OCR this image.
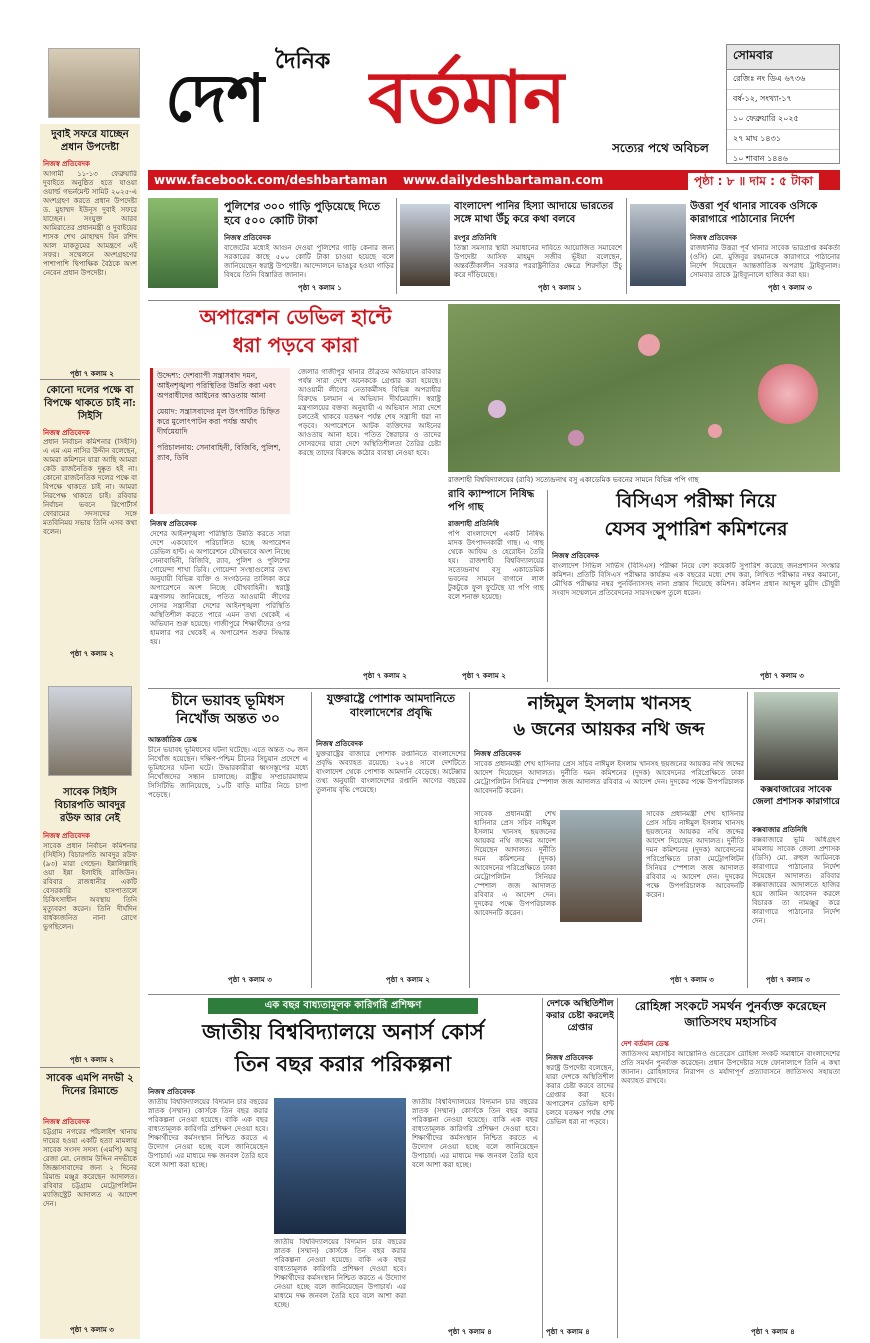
দৈনিক
দেশ বর্তমান
সত্যের পথে অবিচল
সোমবার
রেজিঃ নং ডিএ ৬৭৩৬
বর্ষ-১২, সংখ্যা-১৭
১০ ফেব্রুয়ারি ২০২৫
২৭ মাঘ ১৪৩১
১০ শাবান ১৪৪৬
www.facebook.com/deshbartaman www.dailydeshbartaman.com	পৃষ্ঠা : ৮ ॥ দাম : ৫ টাকা
দুবাই সফরে যাচ্ছেন প্রধান উপদেষ্টা
নিজস্ব প্রতিবেদক
আগামী ১১-১৩ ফেব্রুয়ারি দুবাইতে অনুষ্ঠিত হতে যাওয়া ওয়ার্ল্ড গভর্নমেন্ট সামিট ২০২৫-এ অংশগ্রহণ করতে প্রধান উপদেষ্টা ড. মুহাম্মদ ইউনূস দুবাই সফরে যাচ্ছেন। সংযুক্ত আরব আমিরাতের প্রধানমন্ত্রী ও দুবাইয়ের শাসক শেখ মোহাম্মদ বিন রশিদ আল মাকতুমের আমন্ত্রণে এই সফর। সম্মেলনে অংশগ্রহণের পাশাপাশি দ্বিপাক্ষিক বৈঠকে অংশ নেবেন প্রধান উপদেষ্টা।
পৃষ্ঠা ৭ কলাম ২
কোনো দলের পক্ষে বা বিপক্ষে থাকতে চাই না: সিইসি
নিজস্ব প্রতিবেদক
প্রধান নির্বাচন কমিশনার (সিইসি) এ এম এম নাসির উদ্দীন বলেছেন, আমরা কমিশনে যারা আছি আমরা কেউ রাজনৈতিক দুষ্কৃত হই না। কোনো রাজনৈতিক দলের পক্ষে বা বিপক্ষে থাকতে চাই না। আমরা নিরপেক্ষ থাকতে চাই। রবিবার নির্বাচন ভবনে রিপোর্টার্স ফোরামের সদস্যদের সঙ্গে মতবিনিময় সভায় তিনি এসব কথা বলেন।
পৃষ্ঠা ৭ কলাম ২
সাবেক সিইসি বিচারপতি আবদুর রউফ আর নেই
নিজস্ব প্রতিবেদক
সাবেক প্রধান নির্বাচন কমিশনার (সিইসি) বিচারপতি আবদুর রউফ (৯৩) মারা গেছেন। ইন্নালিল্লাহি ওয়া ইন্না ইলাইহি রাজিউন। রবিবার রাজধানীর একটি বেসরকারি হাসপাতালে চিকিৎসাধীন অবস্থায় তিনি মৃত্যুবরণ করেন। তিনি দীর্ঘদিন বার্ধক্যজনিত নানা রোগে ভুগছিলেন।
পৃষ্ঠা ৭ কলাম ২
সাবেক এমপি নদভী ২ দিনের রিমান্ডে
নিজস্ব প্রতিবেদক
চট্টগ্রাম নগরের পাঁচলাইশ থানায় দায়ের হওয়া একটি হত্যা মামলায় সাবেক সংসদ সদস্য (এমপি) আবু রেজা মো. নেজাম উদ্দিন নদভীকে জিজ্ঞাসাবাদের জন্য ২ দিনের রিমান্ড মঞ্জুর করেছেন আদালত। রবিবার চট্টগ্রাম মেট্রোপলিটন ম্যাজিস্ট্রেট আদালত এ আদেশ দেন।
পৃষ্ঠা ৭ কলাম ৩
পুলিশের ৩০০ গাড়ি পুড়িয়েছে দিতে হবে ৫০০ কোটি টাকা
নিজস্ব প্রতিবেদক
বাজেটের মধ্যেই আগুন দেওয়া পুলিশের গাড়ি কেনার জন্য সরকারের কাছে ৫০০ কোটি টাকা চাওয়া হয়েছে বলে জানিয়েছেন স্বরাষ্ট্র উপদেষ্টা। আন্দোলনে ভাঙচুর হওয়া গাড়ির বিষয়ে তিনি বিস্তারিত জানান।
পৃষ্ঠা ৭ কলাম ১
বাংলাদেশ পানির হিস্যা আদায়ে ভারতের সঙ্গে মাথা উঁচু করে কথা বলবে
রংপুর প্রতিনিধি
তিস্তা সমস্যার স্থায়ী সমাধানের দাবিতে আয়োজিত সমাবেশে উপদেষ্টা আসিফ মাহমুদ সজীব ভূঁইয়া বলেছেন, অন্তর্বর্তীকালীন সরকার পররাষ্ট্রনীতির ক্ষেত্রে শিরদাঁড়া উঁচু করে দাঁড়িয়েছে।
পৃষ্ঠা ৭ কলাম ১
উত্তরা পূর্ব থানার সাবেক ওসিকে কারাগারে পাঠানোর নির্দেশ
নিজস্ব প্রতিবেদক
রাজধানীর উত্তরা পূর্ব থানার সাবেক ভারপ্রাপ্ত কর্মকর্তা (ওসি) মো. মুজিবুর রহমানকে কারাগারে পাঠানোর নির্দেশ দিয়েছেন আন্তর্জাতিক অপরাধ ট্রাইব্যুনাল। সোমবার তাকে ট্রাইব্যুনালে হাজির করা হয়।
পৃষ্ঠা ৭ কলাম ৩
অপারেশন ডেভিল হান্টে
ধরা পড়বে কারা
উদ্দেশ্য: দেশব্যাপী সন্ত্রাসবাদ দমন, আইনশৃঙ্খলা পরিস্থিতির উন্নতি করা এবং অপরাধীদের আইনের আওতায় আনা
মেয়াদ: সন্ত্রাসবাদের মূল উৎপাটিত চিহ্নিত করে মুলোৎপাটন করা পর্যন্ত অর্থাৎ দীর্ঘমেয়াদি
পরিচালনায়: সেনাবাহিনী, বিজিবি, পুলিশ, র‌্যাব, ডিবি
নিজস্ব প্রতিবেদক
দেশের আইনশৃঙ্খলা পরিস্থিতি উন্নতি করতে সারা দেশে একযোগে পরিচালিত হচ্ছে অপারেশন ডেভিল হান্ট। এ অপারেশনে যৌথভাবে অংশ নিচ্ছে সেনাবাহিনী, বিজিবি, র‌্যাব, পুলিশ ও পুলিশের গোয়েন্দা শাখা ডিবি। গোয়েন্দা সংস্থাগুলোর তথ্য অনুযায়ী বিভিন্ন ব্যক্তি ও সংগঠনের তালিকা করে অপারেশনে অংশ নিচ্ছে যৌথবাহিনী। স্বরাষ্ট্র মন্ত্রণালয় জানিয়েছে, পতিত আওয়ামী লীগের দোসর সন্ত্রাসীরা দেশের আইনশৃঙ্খলা পরিস্থিতি অস্থিতিশীল করতে পারে এমন তথ্য থেকেই এ অভিযান শুরু হয়েছে। গাজীপুরে শিক্ষার্থীদের ওপর হামলার পর থেকেই এ অপারেশন শুরুর সিদ্ধান্ত হয়।
জেলার গাজীপুর থানার তীব্রতম অভিযানে রবিবার পর্যন্ত সারা দেশে অনেককে গ্রেপ্তার করা হয়েছে। আওয়ামী লীগের নেতাকর্মীসহ বিভিন্ন অপরাধীর বিরুদ্ধে চলমান এ অভিযান দীর্ঘমেয়াদি। স্বরাষ্ট্র মন্ত্রণালয়ের বক্তব্য অনুযায়ী এ অভিযান সারা দেশে চলতেই থাকবে যতক্ষণ পর্যন্ত শেষ সন্ত্রাসী ধরা না পড়বে। অপারেশনে আটক ব্যক্তিদের আইনের আওতায় আনা হবে। পতিত স্বৈরাচার ও তাদের দোসরদের যারা দেশে অস্থিতিশীলতা তৈরির চেষ্টা করছে তাদের বিরুদ্ধে কঠোর ব্যবস্থা নেওয়া হবে।
পৃষ্ঠা ৭ কলাম ২
রাজশাহী বিশ্ববিদ্যালয়ের (রাবি) সত্যেন্দ্রনাথ বসু একাডেমিক ভবনের সামনে বিভিন্ন পপি গাছ
রাবি ক্যাম্পাসে নিষিদ্ধ পপি গাছ
রাজশাহী প্রতিনিধি
পপি বাংলাদেশে একটি নিষিদ্ধ মাদক উৎপাদনকারী গাছ। এ গাছ থেকে আফিম ও হেরোইন তৈরি হয়। রাজশাহী বিশ্ববিদ্যালয়ের সত্যেন্দ্রনাথ বসু একাডেমিক ভবনের সামনে বাগানে লাল টুকটুকে ফুল ফুটেছে যা পপি গাছ বলে শনাক্ত হয়েছে।
পৃষ্ঠা ৭ কলাম ২
বিসিএস পরীক্ষা নিয়ে
যেসব সুপারিশ কমিশনের
নিজস্ব প্রতিবেদক
বাংলাদেশ সিভিল সার্ভিস (বিসিএস) পরীক্ষা নিয়ে বেশ কয়েকটি সুপারিশ করেছে জনপ্রশাসন সংস্কার কমিশন। প্রতিটি বিসিএস পরীক্ষার কার্যক্রম এক বছরের মধ্যে শেষ করা, লিখিত পরীক্ষার নম্বর কমানো, মৌখিক পরীক্ষার নম্বর পুনর্বিন্যাসসহ নানা প্রস্তাব দিয়েছে কমিশন। কমিশন প্রধান আব্দুল মুয়ীদ চৌধুরী সংবাদ সম্মেলনে প্রতিবেদনের সারসংক্ষেপ তুলে ধরেন।
পৃষ্ঠা ৭ কলাম ৩
চীনে ভয়াবহ ভূমিধস নিখোঁজ অন্তত ৩০
আন্তর্জাতিক ডেস্ক
চীনে ভয়াবহ ভূমিধসের ঘটনা ঘটেছে। এতে অন্তত ৩০ জন নিখোঁজ হয়েছেন। দক্ষিণ-পশ্চিম চীনের সিচুয়ান প্রদেশে এ ভূমিধসের ঘটনা ঘটে। উদ্ধারকারীরা ধ্বংসস্তূপের মধ্যে নিখোঁজদের সন্ধান চালাচ্ছে। রাষ্ট্রীয় সম্প্রচারমাধ্যম সিসিটিভি জানিয়েছে, ১০টি বাড়ি মাটির নিচে চাপা পড়েছে।
পৃষ্ঠা ৭ কলাম ৩
যুক্তরাষ্ট্রে পোশাক আমদানিতে বাংলাদেশের প্রবৃদ্ধি
নিজস্ব প্রতিবেদক
যুক্তরাষ্ট্রের বাজারে পোশাক রপ্তানিতে বাংলাদেশের প্রবৃদ্ধি অব্যাহত রয়েছে। ২০২৪ সালে দেশটিতে বাংলাদেশ থেকে পোশাক আমদানি বেড়েছে। অটেক্সার তথ্য অনুযায়ী বাংলাদেশের রপ্তানি আগের বছরের তুলনায় বৃদ্ধি পেয়েছে।
পৃষ্ঠা ৭ কলাম ২
নাঈমুল ইসলাম খানসহ
৬ জনের আয়কর নথি জব্দ
নিজস্ব প্রতিবেদক
সাবেক প্রধানমন্ত্রী শেখ হাসিনার প্রেস সচিব নাঈমুল ইসলাম খানসহ ছয়জনের আয়কর নথি জব্দের আদেশ দিয়েছেন আদালত। দুর্নীতি দমন কমিশনের (দুদক) আবেদনের পরিপ্রেক্ষিতে ঢাকা মেট্রোপলিটন সিনিয়র স্পেশাল জজ আদালত রবিবার এ আদেশ দেন। দুদকের পক্ষে উপপরিচালক আবেদনটি করেন।
সাবেক প্রধানমন্ত্রী শেখ হাসিনার প্রেস সচিব নাঈমুল ইসলাম খানসহ ছয়জনের আয়কর নথি জব্দের আদেশ দিয়েছেন আদালত। দুর্নীতি দমন কমিশনের (দুদক) আবেদনের পরিপ্রেক্ষিতে ঢাকা মেট্রোপলিটন সিনিয়র স্পেশাল জজ আদালত রবিবার এ আদেশ দেন। দুদকের পক্ষে উপপরিচালক আবেদনটি করেন।
সাবেক প্রধানমন্ত্রী শেখ হাসিনার প্রেস সচিব নাঈমুল ইসলাম খানসহ ছয়জনের আয়কর নথি জব্দের আদেশ দিয়েছেন আদালত। দুর্নীতি দমন কমিশনের (দুদক) আবেদনের পরিপ্রেক্ষিতে ঢাকা মেট্রোপলিটন সিনিয়র স্পেশাল জজ আদালত রবিবার এ আদেশ দেন। দুদকের পক্ষে উপপরিচালক আবেদনটি করেন।
পৃষ্ঠা ৭ কলাম ৩
কক্সবাজারের সাবেক জেলা প্রশাসক কারাগারে
কক্সবাজার প্রতিনিধি
কক্সবাজারে ভূমি অধিগ্রহণ মামলায় সাবেক জেলা প্রশাসক (ডিসি) মো. রুহুল আমিনকে কারাগারে পাঠানোর নির্দেশ দিয়েছেন আদালত। রবিবার কক্সবাজারের আদালতে হাজির হয়ে জামিন আবেদন করলে বিচারক তা নামঞ্জুর করে কারাগারে পাঠানোর নির্দেশ দেন।
পৃষ্ঠা ৭ কলাম ৩
এক বছর বাধ্যতামূলক কারিগরি প্রশিক্ষণ
জাতীয় বিশ্ববিদ্যালয়ে অনার্স কোর্স
তিন বছর করার পরিকল্পনা
নিজস্ব প্রতিবেদক
জাতীয় বিশ্ববিদ্যালয়ের বিদ্যমান চার বছরের স্নাতক (সম্মান) কোর্সকে তিন বছর করার পরিকল্পনা নেওয়া হয়েছে। বাকি এক বছর বাধ্যতামূলক কারিগরি প্রশিক্ষণ দেওয়া হবে। শিক্ষার্থীদের কর্মসংস্থান নিশ্চিত করতে এ উদ্যোগ নেওয়া হচ্ছে বলে জানিয়েছেন উপাচার্য। এর মাধ্যমে দক্ষ জনবল তৈরি হবে বলে আশা করা হচ্ছে।
জাতীয় বিশ্ববিদ্যালয়ের বিদ্যমান চার বছরের স্নাতক (সম্মান) কোর্সকে তিন বছর করার পরিকল্পনা নেওয়া হয়েছে। বাকি এক বছর বাধ্যতামূলক কারিগরি প্রশিক্ষণ দেওয়া হবে। শিক্ষার্থীদের কর্মসংস্থান নিশ্চিত করতে এ উদ্যোগ নেওয়া হচ্ছে বলে জানিয়েছেন উপাচার্য। এর মাধ্যমে দক্ষ জনবল তৈরি হবে বলে আশা করা হচ্ছে।
জাতীয় বিশ্ববিদ্যালয়ের বিদ্যমান চার বছরের স্নাতক (সম্মান) কোর্সকে তিন বছর করার পরিকল্পনা নেওয়া হয়েছে। বাকি এক বছর বাধ্যতামূলক কারিগরি প্রশিক্ষণ দেওয়া হবে। শিক্ষার্থীদের কর্মসংস্থান নিশ্চিত করতে এ উদ্যোগ নেওয়া হচ্ছে বলে জানিয়েছেন উপাচার্য। এর মাধ্যমে দক্ষ জনবল তৈরি হবে বলে আশা করা হচ্ছে।
পৃষ্ঠা ৭ কলাম ৪
দেশকে অস্থিতিশীল করার চেষ্টা করলেই গ্রেপ্তার
নিজস্ব প্রতিবেদক
স্বরাষ্ট্র উপদেষ্টা বলেছেন, যারা দেশকে অস্থিতিশীল করার চেষ্টা করবে তাদের গ্রেপ্তার করা হবে। অপারেশন ডেভিল হান্ট চলবে যতক্ষণ পর্যন্ত শেষ ডেভিল ধরা না পড়বে।
পৃষ্ঠা ৭ কলাম ৪
রোহিঙ্গা সংকটে সমর্থন পুনর্ব্যক্ত করেছেন জাতিসংঘ মহাসচিব
দেশ বর্তমান ডেস্ক
জাতিসংঘ মহাসচিব আন্তোনিও গুতেরেস রোহিঙ্গা সংকট সমাধানে বাংলাদেশের প্রতি সমর্থন পুনর্ব্যক্ত করেছেন। প্রধান উপদেষ্টার সঙ্গে ফোনালাপে তিনি এ কথা জানান। রোহিঙ্গাদের নিরাপদ ও মর্যাদাপূর্ণ প্রত্যাবাসনে জাতিসংঘ সহায়তা অব্যাহত রাখবে।
পৃষ্ঠা ৭ কলাম ৪
